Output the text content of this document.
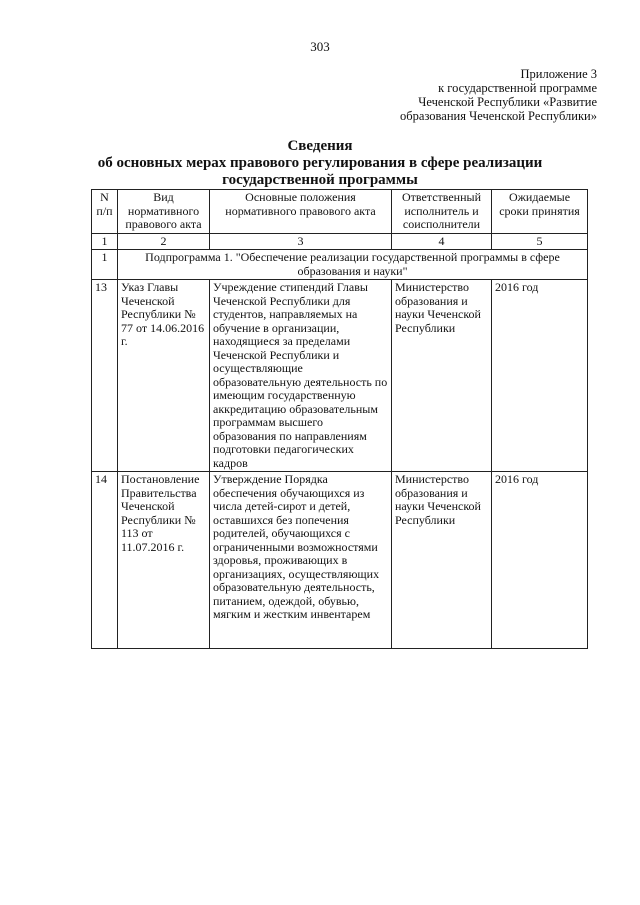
303
Приложение 3
к государственной программе
Чеченской Республики «Развитие
образования Чеченской Республики»
Сведения
об основных мерах правового регулирования в сфере реализации
государственной программы
N п/п	Вид нормативного правового акта	Основные положения нормативного правового акта	Ответственный исполнитель и соисполнители	Ожидаемые сроки принятия
1	2	3	4	5
1	Подпрограмма 1. "Обеспечение реализации государственной программы в сфере образования и науки"			
13	Указ Главы Чеченской Республики № 77 от 14.06.2016 г.	Учреждение стипендий Главы Чеченской Республики для студентов, направляемых на обучение в организации, находящиеся за пределами Чеченской Республики и осуществляющие образовательную деятельность по имеющим государственную аккредитацию образовательным программам высшего образования по направлениям подготовки педагогических кадров	Министерство образования и науки Чеченской Республики	2016 год
14	Постановление Правительства Чеченской Республики № 113 от 11.07.2016 г.	Утверждение Порядка обеспечения обучающихся из числа детей-сирот и детей, оставшихся без попечения родителей, обучающихся с ограниченными возможностями здоровья, проживающих в организациях, осуществляющих образовательную деятельность, питанием, одеждой, обувью, мягким и жестким инвентарем	Министерство образования и науки Чеченской Республики	2016 год
